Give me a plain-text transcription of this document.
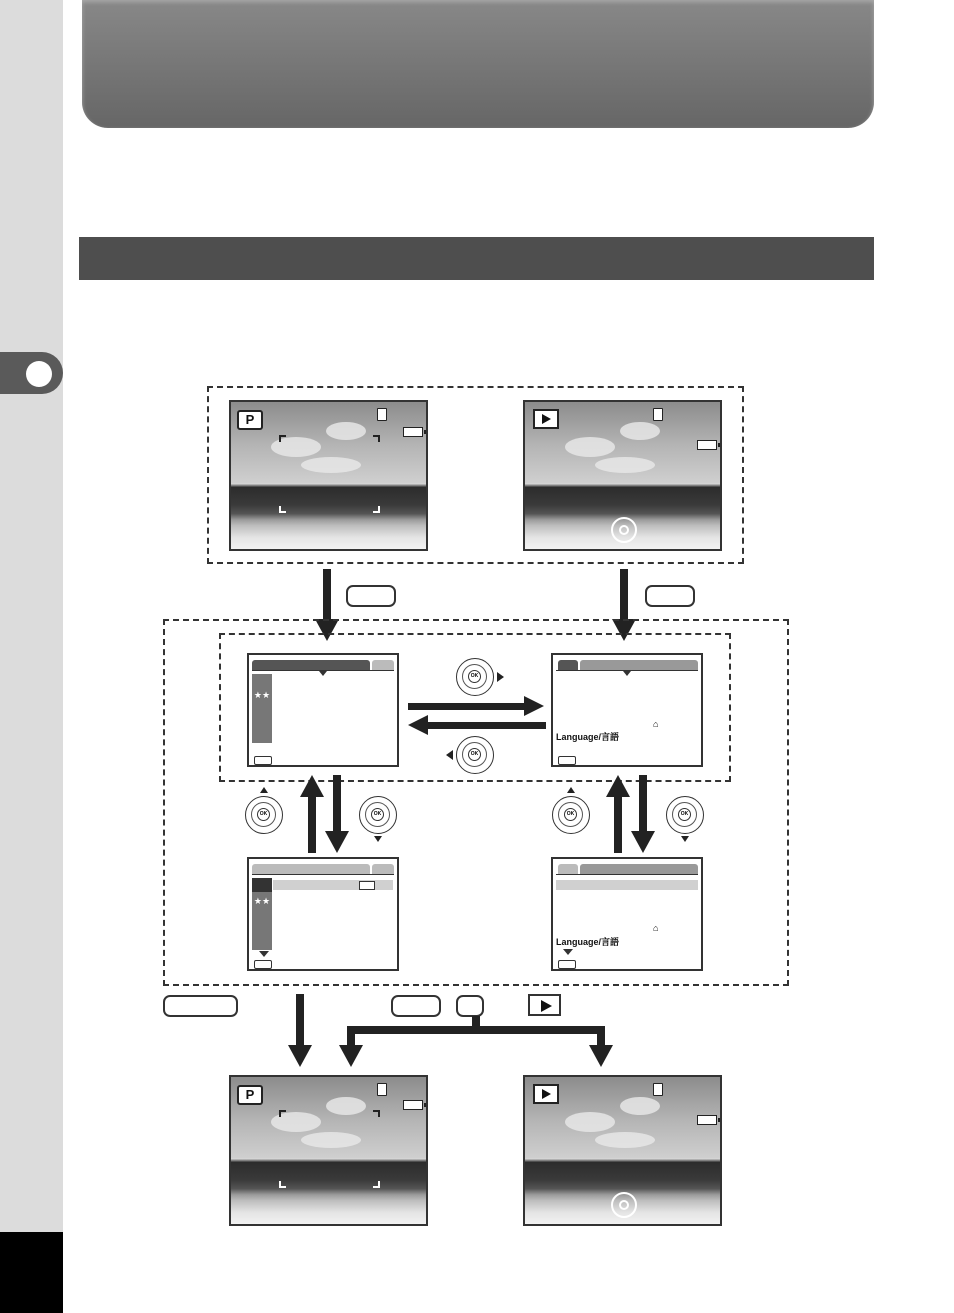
P
★★
⌂
Language/言語
OK
OK
OK	OK	OK	OK
★★
⌂
Language/言語
P
